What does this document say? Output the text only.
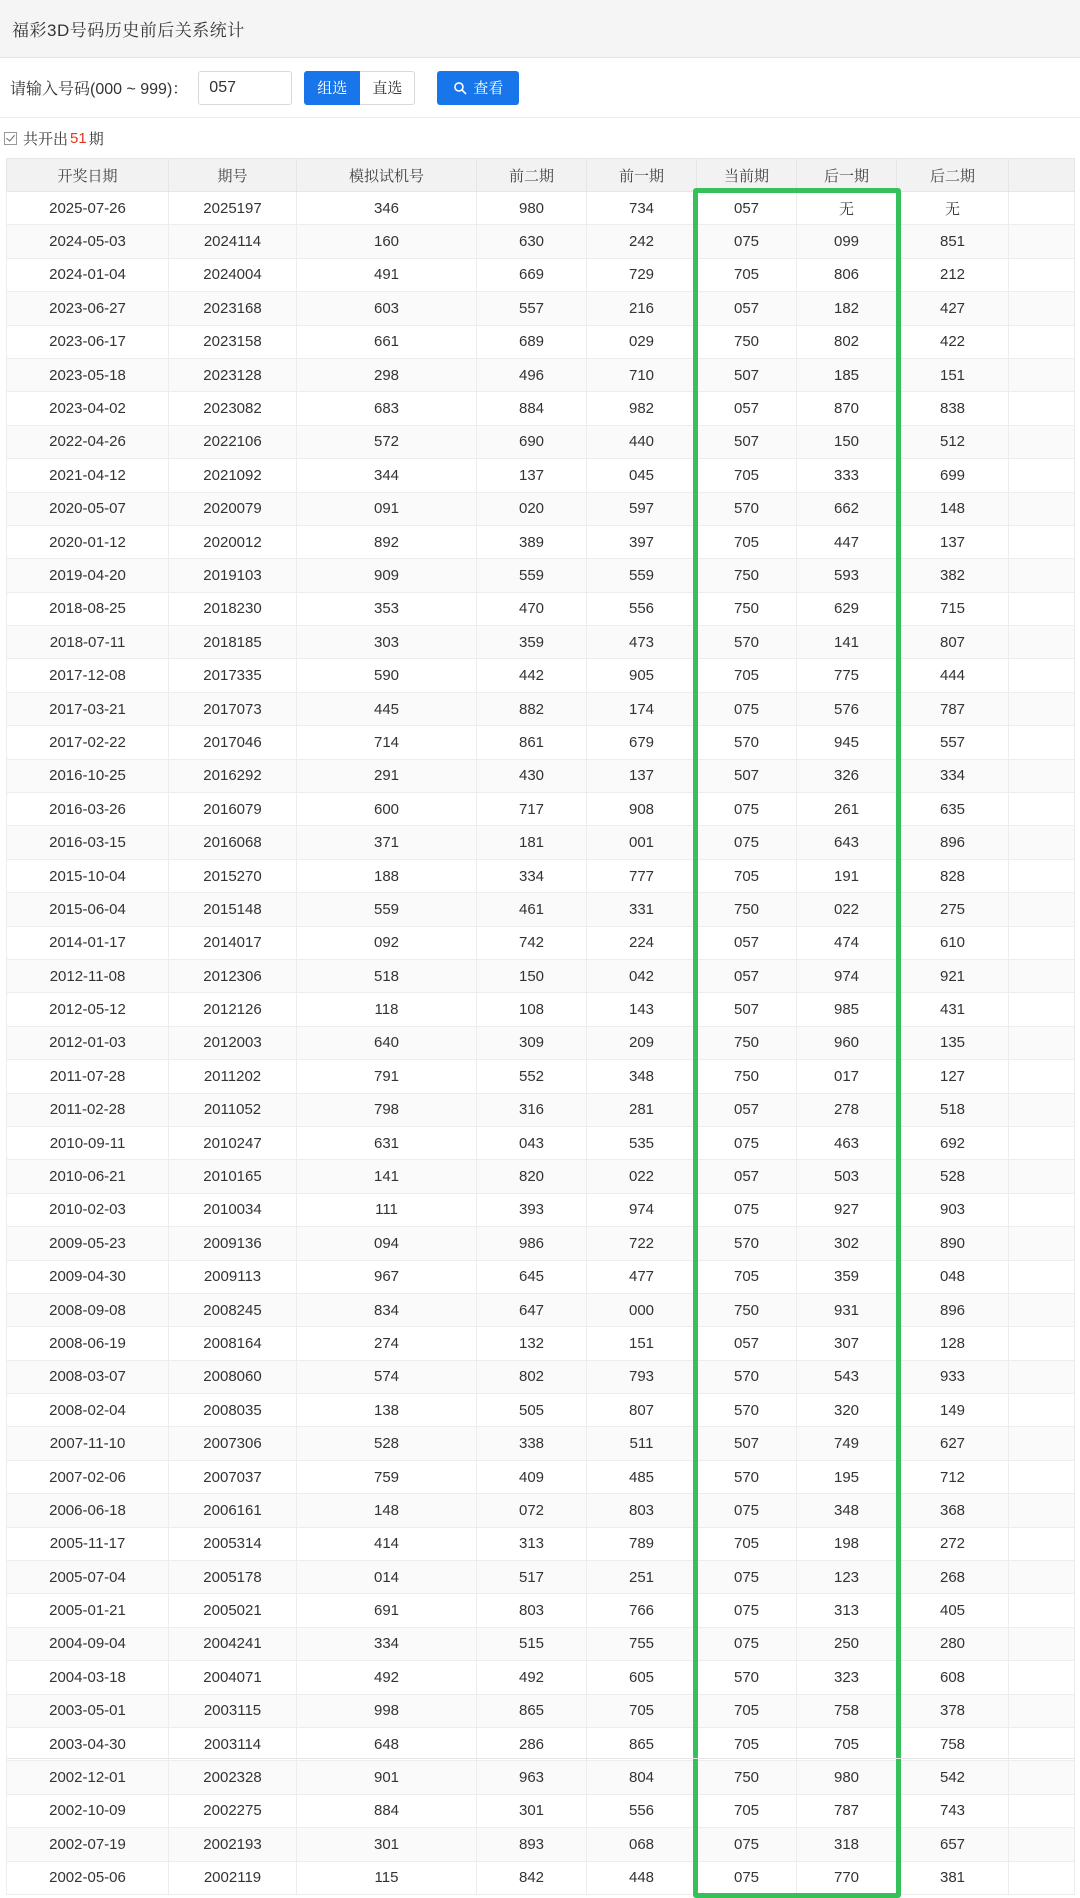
福彩3D号码历史前后关系统计
请输入号码(000 ~ 999)：
057	组选	直选	查看
共开出 51 期
开奖日期	期号	模拟试机号	前二期	前一期	当前期	后一期	后二期	
2025-07-26	2025197	346	980	734	057	无	无	
2024-05-03	2024114	160	630	242	075	099	851	
2024-01-04	2024004	491	669	729	705	806	212	
2023-06-27	2023168	603	557	216	057	182	427	
2023-06-17	2023158	661	689	029	750	802	422	
2023-05-18	2023128	298	496	710	507	185	151	
2023-04-02	2023082	683	884	982	057	870	838	
2022-04-26	2022106	572	690	440	507	150	512	
2021-04-12	2021092	344	137	045	705	333	699	
2020-05-07	2020079	091	020	597	570	662	148	
2020-01-12	2020012	892	389	397	705	447	137	
2019-04-20	2019103	909	559	559	750	593	382	
2018-08-25	2018230	353	470	556	750	629	715	
2018-07-11	2018185	303	359	473	570	141	807	
2017-12-08	2017335	590	442	905	705	775	444	
2017-03-21	2017073	445	882	174	075	576	787	
2017-02-22	2017046	714	861	679	570	945	557	
2016-10-25	2016292	291	430	137	507	326	334	
2016-03-26	2016079	600	717	908	075	261	635	
2016-03-15	2016068	371	181	001	075	643	896	
2015-10-04	2015270	188	334	777	705	191	828	
2015-06-04	2015148	559	461	331	750	022	275	
2014-01-17	2014017	092	742	224	057	474	610	
2012-11-08	2012306	518	150	042	057	974	921	
2012-05-12	2012126	118	108	143	507	985	431	
2012-01-03	2012003	640	309	209	750	960	135	
2011-07-28	2011202	791	552	348	750	017	127	
2011-02-28	2011052	798	316	281	057	278	518	
2010-09-11	2010247	631	043	535	075	463	692	
2010-06-21	2010165	141	820	022	057	503	528	
2010-02-03	2010034	111	393	974	075	927	903	
2009-05-23	2009136	094	986	722	570	302	890	
2009-04-30	2009113	967	645	477	705	359	048	
2008-09-08	2008245	834	647	000	750	931	896	
2008-06-19	2008164	274	132	151	057	307	128	
2008-03-07	2008060	574	802	793	570	543	933	
2008-02-04	2008035	138	505	807	570	320	149	
2007-11-10	2007306	528	338	511	507	749	627	
2007-02-06	2007037	759	409	485	570	195	712	
2006-06-18	2006161	148	072	803	075	348	368	
2005-11-17	2005314	414	313	789	705	198	272	
2005-07-04	2005178	014	517	251	075	123	268	
2005-01-21	2005021	691	803	766	075	313	405	
2004-09-04	2004241	334	515	755	075	250	280	
2004-03-18	2004071	492	492	605	570	323	608	
2003-05-01	2003115	998	865	705	705	758	378	
2003-04-30	2003114	648	286	865	705	705	758	
2002-12-01	2002328	901	963	804	750	980	542	
2002-10-09	2002275	884	301	556	705	787	743	
2002-07-19	2002193	301	893	068	075	318	657	
2002-05-06	2002119	115	842	448	075	770	381	
